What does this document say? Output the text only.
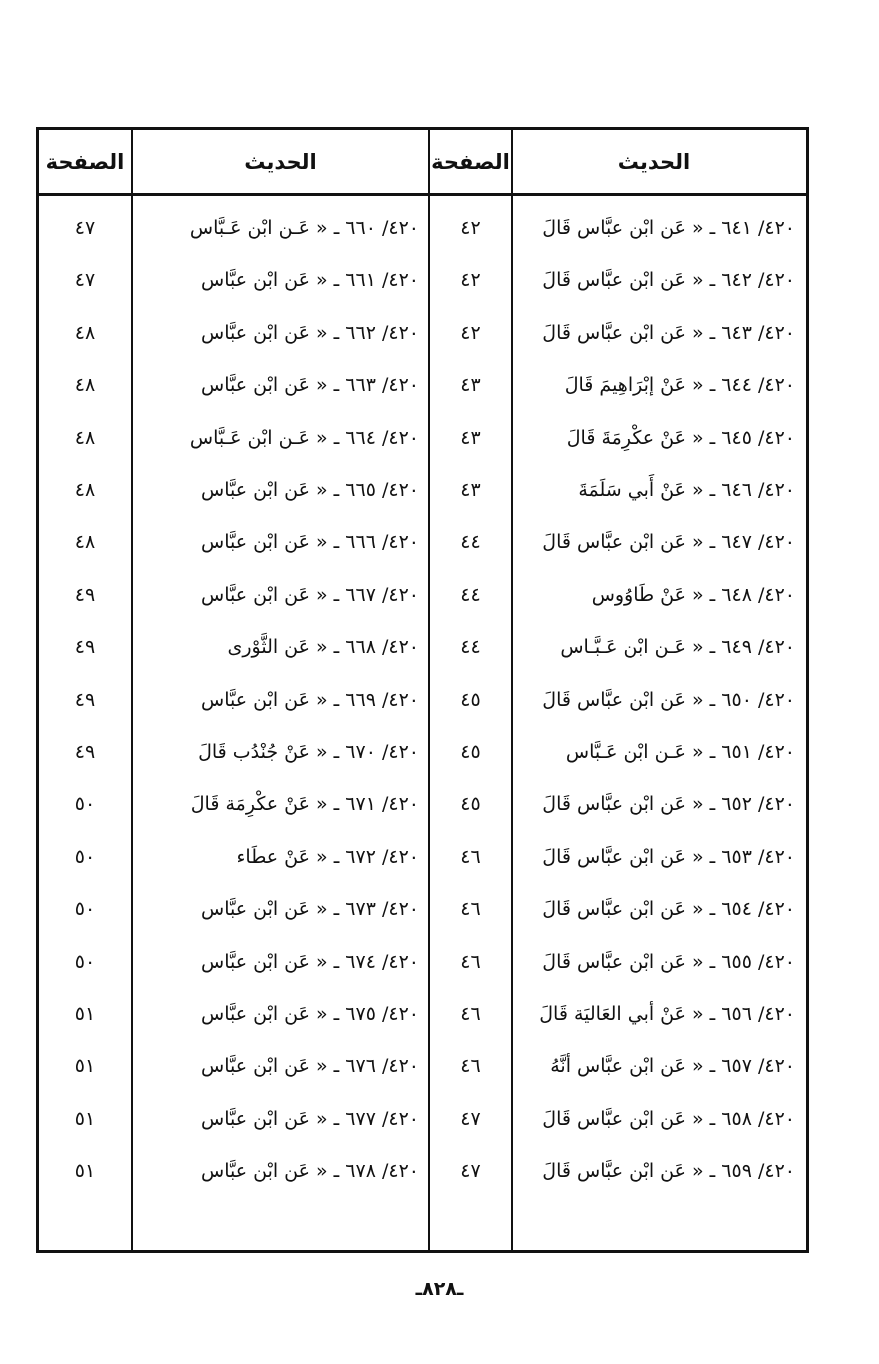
الحديث
الصفحة
الحديث
الصفحة
٤٢٠/ ٦٤١ ـ « عَن ابْن عبَّاس قَالَ
٤٢
٤٢٠/ ٦٦٠ ـ « عَـن ابْن عَـبَّاس
٤٧
٤٢٠/ ٦٤٢ ـ « عَن ابْن عبَّاس قَالَ
٤٢
٤٢٠/ ٦٦١ ـ « عَن ابْن عبَّاس
٤٧
٤٢٠/ ٦٤٣ ـ « عَن ابْن عبَّاس قَالَ
٤٢
٤٢٠/ ٦٦٢ ـ « عَن ابْن عبَّاس
٤٨
٤٢٠/ ٦٤٤ ـ « عَنْ إبْرَاهِيمَ قَالَ
٤٣
٤٢٠/ ٦٦٣ ـ « عَن ابْن عبَّاس
٤٨
٤٢٠/ ٦٤٥ ـ « عَنْ عكْرِمَةَ قَالَ
٤٣
٤٢٠/ ٦٦٤ ـ « عَـن ابْن عَـبَّاس
٤٨
٤٢٠/ ٦٤٦ ـ « عَنْ أَبي سَلَمَةَ
٤٣
٤٢٠/ ٦٦٥ ـ « عَن ابْن عبَّاس
٤٨
٤٢٠/ ٦٤٧ ـ « عَن ابْن عبَّاس قَالَ
٤٤
٤٢٠/ ٦٦٦ ـ « عَن ابْن عبَّاس
٤٨
٤٢٠/ ٦٤٨ ـ « عَنْ طَاوُوس
٤٤
٤٢٠/ ٦٦٧ ـ « عَن ابْن عبَّاس
٤٩
٤٢٠/ ٦٤٩ ـ « عَـن ابْن عَـبَّـاس
٤٤
٤٢٠/ ٦٦٨ ـ « عَن الثَّوْرى
٤٩
٤٢٠/ ٦٥٠ ـ « عَن ابْن عبَّاس قَالَ
٤٥
٤٢٠/ ٦٦٩ ـ « عَن ابْن عبَّاس
٤٩
٤٢٠/ ٦٥١ ـ « عَـن ابْن عَـبَّاس
٤٥
٤٢٠/ ٦٧٠ ـ « عَنْ جُنْدُب قَالَ
٤٩
٤٢٠/ ٦٥٢ ـ « عَن ابْن عبَّاس قَالَ
٤٥
٤٢٠/ ٦٧١ ـ « عَنْ عكْرِمَة قَالَ
٥٠
٤٢٠/ ٦٥٣ ـ « عَن ابْن عبَّاس قَالَ
٤٦
٤٢٠/ ٦٧٢ ـ « عَنْ عطَاء
٥٠
٤٢٠/ ٦٥٤ ـ « عَن ابْن عبَّاس قَالَ
٤٦
٤٢٠/ ٦٧٣ ـ « عَن ابْن عبَّاس
٥٠
٤٢٠/ ٦٥٥ ـ « عَن ابْن عبَّاس قَالَ
٤٦
٤٢٠/ ٦٧٤ ـ « عَن ابْن عبَّاس
٥٠
٤٢٠/ ٦٥٦ ـ « عَنْ أبي العَاليَة قَالَ
٤٦
٤٢٠/ ٦٧٥ ـ « عَن ابْن عبَّاس
٥١
٤٢٠/ ٦٥٧ ـ « عَن ابْن عبَّاس أنَّهُ
٤٦
٤٢٠/ ٦٧٦ ـ « عَن ابْن عبَّاس
٥١
٤٢٠/ ٦٥٨ ـ « عَن ابْن عبَّاس قَالَ
٤٧
٤٢٠/ ٦٧٧ ـ « عَن ابْن عبَّاس
٥١
٤٢٠/ ٦٥٩ ـ « عَن ابْن عبَّاس قَالَ
٤٧
٤٢٠/ ٦٧٨ ـ « عَن ابْن عبَّاس
٥١
ـ٨٢٨ـ
